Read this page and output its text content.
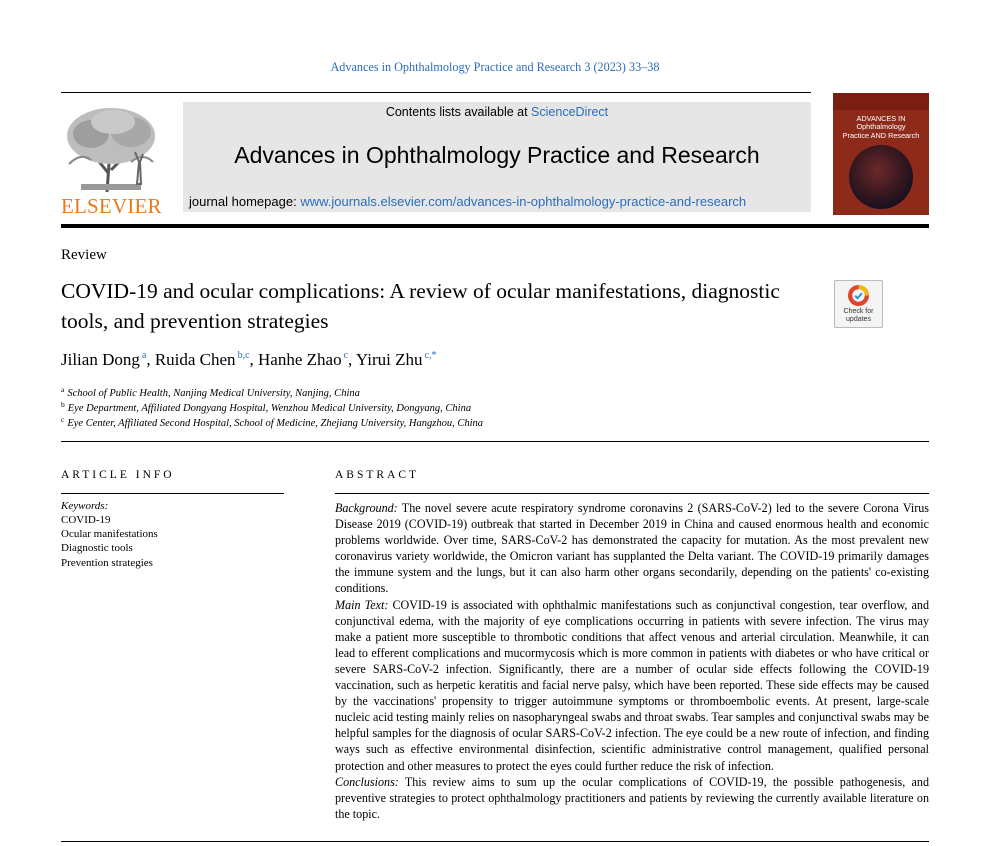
Advances in Ophthalmology Practice and Research 3 (2023) 33–38
ELSEVIER
Contents lists available at ScienceDirect
Advances in Ophthalmology Practice and Research
journal homepage: www.journals.elsevier.com/advances-in-ophthalmology-practice-and-research
ADVANCES IN
Ophthalmology
Practice AND Research
Review
COVID-19 and ocular complications: A review of ocular manifestations, diagnostic tools, and prevention strategies	Check for updates
Jilian Dong $^a$, Ruida Chen $^{b,c}$, Hanhe Zhao $^c$, Yirui Zhu $^{c,*}$
$^a$ School of Public Health, Nanjing Medical University, Nanjing, China
$^b$ Eye Department, Affiliated Dongyang Hospital, Wenzhou Medical University, Dongyang, China
$^c$ Eye Center, Affiliated Second Hospital, School of Medicine, Zhejiang University, Hangzhou, China
ARTICLE INFO
Keywords:
COVID-19
Ocular manifestations
Diagnostic tools
Prevention strategies
ABSTRACT

Background: The novel severe acute respiratory syndrome coronavins 2 (SARS-CoV-2) led to the severe Corona Virus Disease 2019 (COVID-19) outbreak that started in December 2019 in China and caused enormous health and economic problems worldwide. Over time, SARS-CoV-2 has demonstrated the capacity for mutation. As the most prevalent new coronavirus variety worldwide, the Omicron variant has supplanted the Delta variant. The COVID-19 primarily damages the immune system and the lungs, but it can also harm other organs secondarily, depending on the patients' co-existing conditions.

Main Text: COVID-19 is associated with ophthalmic manifestations such as conjunctival congestion, tear overflow, and conjunctival edema, with the majority of eye complications occurring in patients with severe infection. The virus may make a patient more susceptible to thrombotic conditions that affect venous and arterial circulation. Meanwhile, it can lead to efferent complications and mucormycosis which is more common in patients with diabetes or who have critical or severe SARS-CoV-2 infection. Significantly, there are a number of ocular side effects following the COVID-19 vaccination, such as herpetic keratitis and facial nerve palsy, which have been reported. These side effects may be caused by the vaccinations' propensity to trigger autoimmune symptoms or thromboembolic events. At present, large-scale nucleic acid testing mainly relies on nasopharyngeal swabs and throat swabs. Tear samples and conjunctival swabs may be helpful samples for the diagnosis of ocular SARS-CoV-2 infection. The eye could be a new route of infection, and finding ways such as effective environmental disinfection, scientific administrative control management, qualified personal protection and other measures to protect the eyes could further reduce the risk of infection.

Conclusions: This review aims to sum up the ocular complications of COVID-19, the possible pathogenesis, and preventive strategies to protect ophthalmology practitioners and patients by reviewing the currently available literature on the topic.
